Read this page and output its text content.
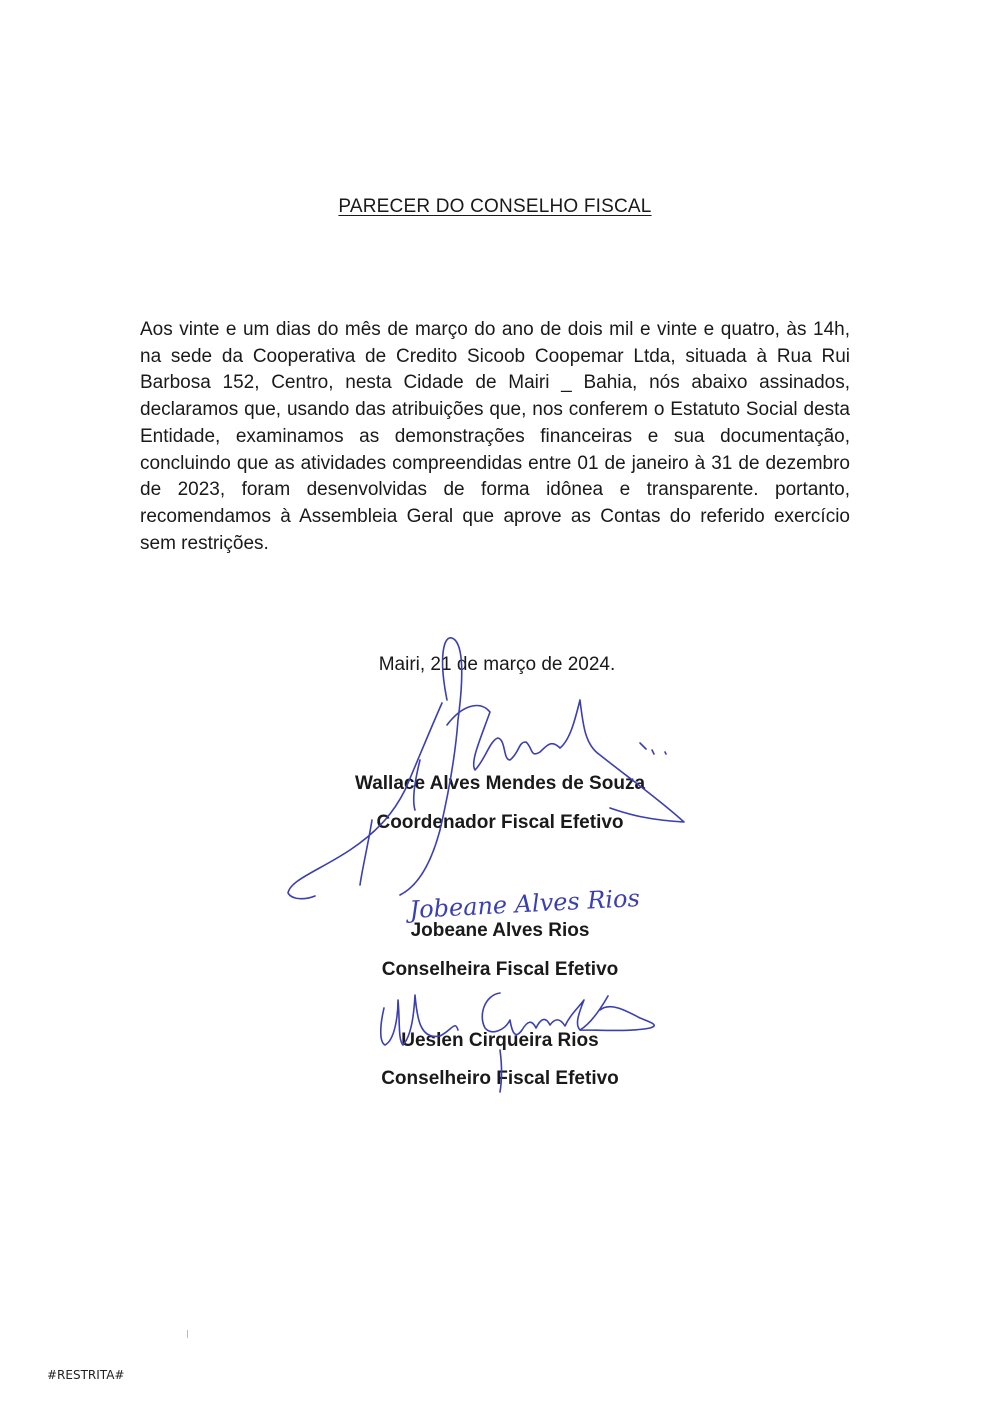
PARECER DO CONSELHO FISCAL

Aos vinte e um dias do mês de março do ano de dois mil e vinte e quatro, às 14h, na sede da Cooperativa de Credito Sicoob Coopemar Ltda, situada à Rua Rui Barbosa 152, Centro, nesta Cidade de Mairi _ Bahia, nós abaixo assinados, declaramos que, usando das atribuições que, nos conferem o Estatuto Social desta Entidade, examinamos as demonstrações financeiras e sua documentação, concluindo que as atividades compreendidas entre 01 de janeiro à 31 de dezembro de 2023, foram desenvolvidas de forma idônea e transparente. portanto, recomendamos à Assembleia Geral que aprove as Contas do referido exercício sem restrições.

Mairi, 21 de março de 2024.
Wallace Alves Mendes de Souza
Coordenador Fiscal Efetivo
Jobeane Alves Rios
Conselheira Fiscal Efetivo
Ueslen Cirqueira Rios
Conselheiro Fiscal Efetivo
Jobeane Alves Rios
#RESTRITA#
